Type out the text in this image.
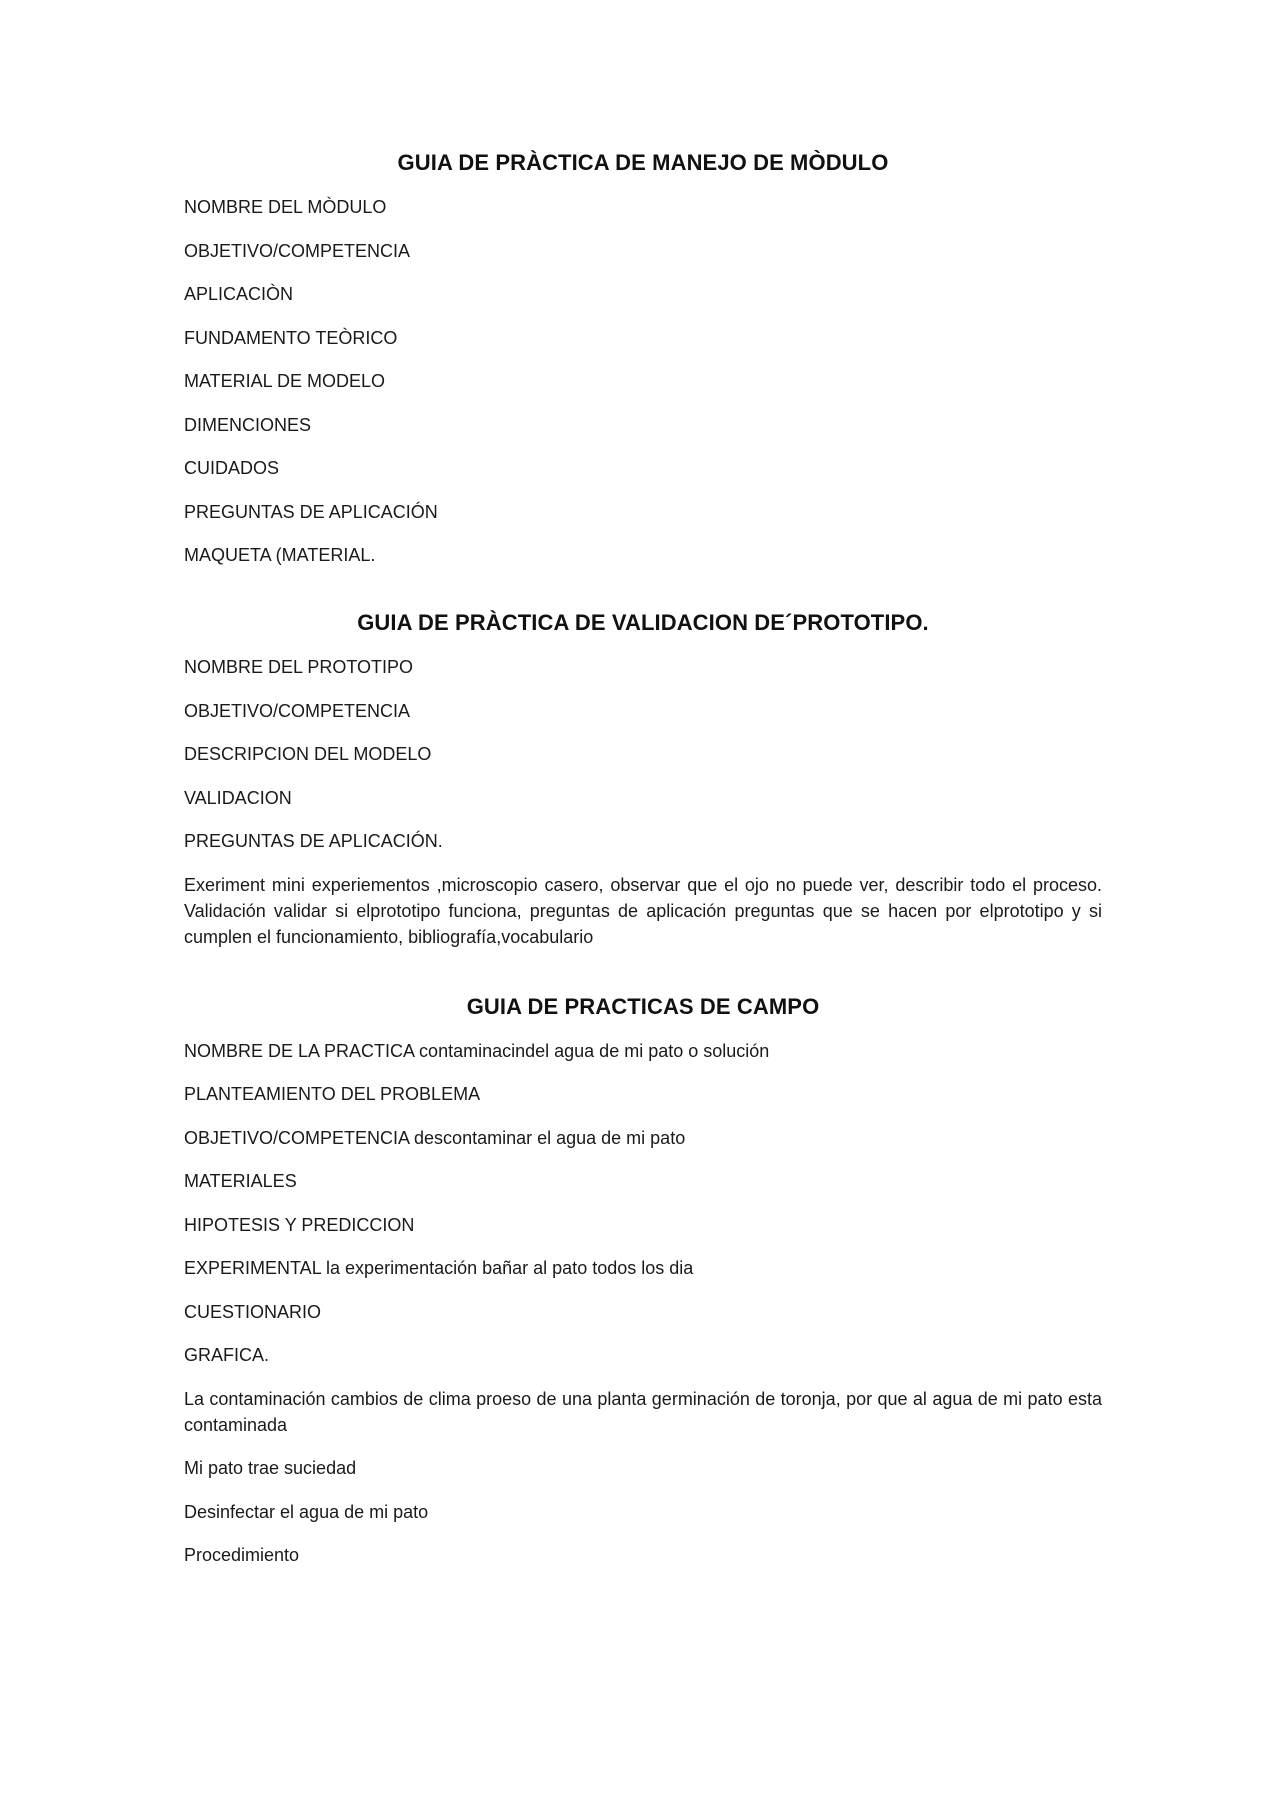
GUIA DE PRÀCTICA DE MANEJO DE MÒDULO
NOMBRE DEL MÒDULO
OBJETIVO/COMPETENCIA
APLICACIÒN
FUNDAMENTO TEÒRICO
MATERIAL DE MODELO
DIMENCIONES
CUIDADOS
PREGUNTAS DE APLICACIÓN
MAQUETA (MATERIAL.
GUIA DE PRÀCTICA DE VALIDACION DE´PROTOTIPO.
NOMBRE DEL PROTOTIPO
OBJETIVO/COMPETENCIA
DESCRIPCION DEL MODELO
VALIDACION
PREGUNTAS DE APLICACIÓN.
Exeriment mini experiementos ,microscopio casero, observar que el ojo no puede ver, describir todo el proceso. Validación validar si elprototipo funciona, preguntas de aplicación preguntas que se hacen por elprototipo y si cumplen el funcionamiento, bibliografía,vocabulario
GUIA DE PRACTICAS DE CAMPO
NOMBRE DE LA PRACTICA contaminacindel agua de mi pato o solución
PLANTEAMIENTO DEL PROBLEMA
OBJETIVO/COMPETENCIA descontaminar el agua de mi pato
MATERIALES
HIPOTESIS Y PREDICCION
EXPERIMENTAL la experimentación bañar al pato todos los dia
CUESTIONARIO
GRAFICA.
La contaminación cambios de clima proeso de una planta germinación de toronja, por que al agua de mi pato esta contaminada
Mi pato trae suciedad
Desinfectar el agua de mi pato
Procedimiento
